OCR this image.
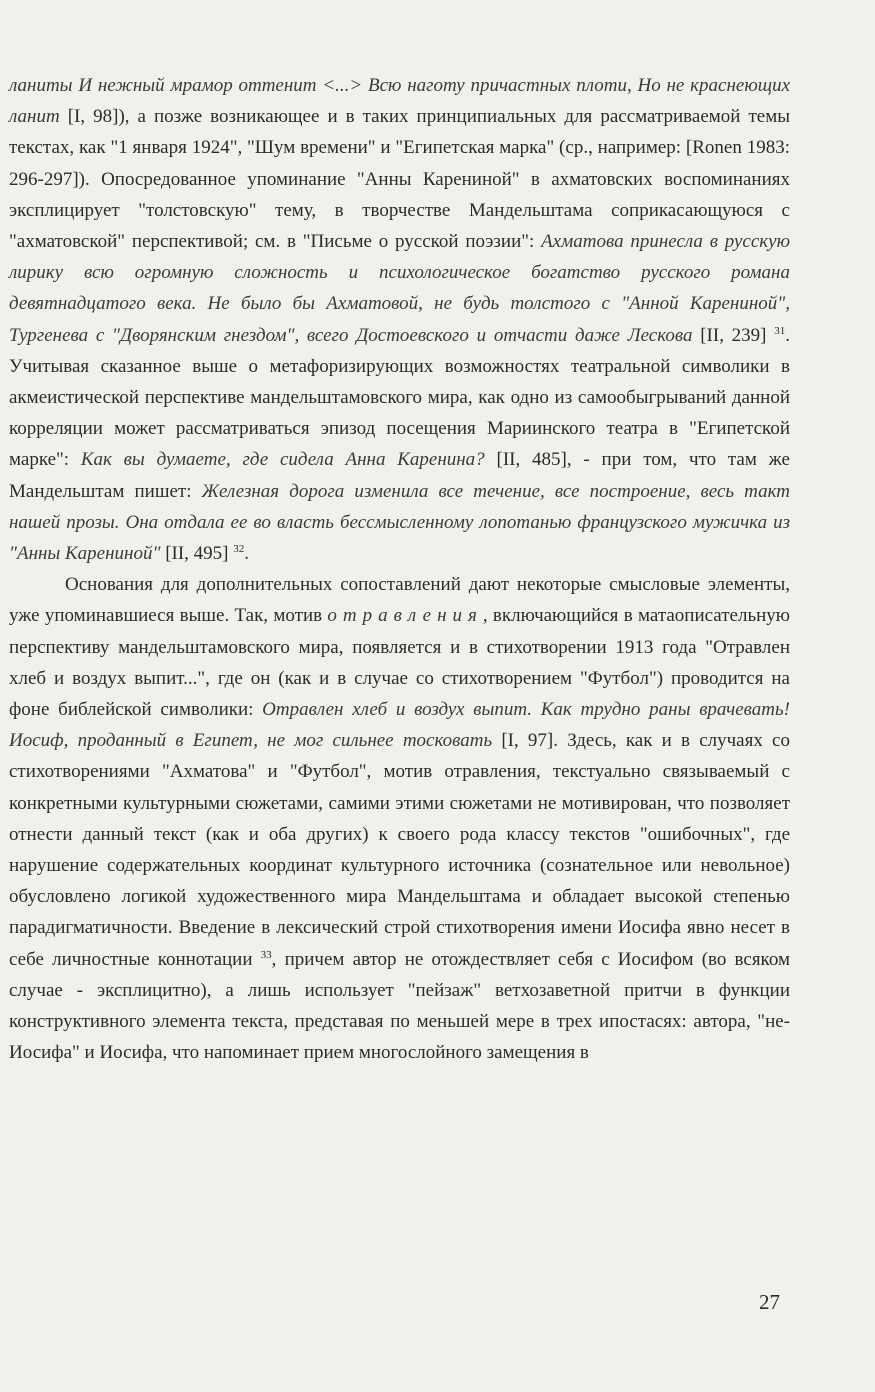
ланиты И нежный мрамор оттенит <...> Всю наготу причастных плоти, Но не краснеющих ланит [I, 98]), а позже возникающее и в таких принципиальных для рассматриваемой темы текстах, как "1 января 1924", "Шум времени" и "Египетская марка" (ср., например: [Ronen 1983: 296-297]). Опосредованное упоминание "Анны Карениной" в ахматовских воспоминаниях эксплицирует "толстовскую" тему, в творчестве Мандельштама соприкасающуюся с "ахматовской" перспективой; см. в "Письме о русской поэзии": Ахматова принесла в русскую лирику всю огромную сложность и психологическое богатство русского романа девятнадцатого века. Не было бы Ахматовой, не будь толстого с "Анной Карениной", Тургенева с "Дворянским гнездом", всего Достоевского и отчасти даже Лескова [II, 239] $^{31}$. Учитывая сказанное выше о метафоризирующих возможностях театральной символики в акмеистической перспективе мандельштамовского мира, как одно из самообыгрываний данной корреляции может рассматриваться эпизод посещения Мариинского театра в "Египетской марке": Как вы думаете, где сидела Анна Каренина? [II, 485], - при том, что там же Мандельштам пишет: Железная дорога изменила все течение, все построение, весь такт нашей прозы. Она отдала ее во власть бессмысленному лопотанью французского мужичка из "Анны Карениной" [II, 495] $^{32}$.

Основания для дополнительных сопоставлений дают некоторые смысловые элементы, уже упоминавшиеся выше. Так, мотив отравления, включающийся в матаописательную перспективу мандельштамовского мира, появляется и в стихотворении 1913 года "Отравлен хлеб и воздух выпит...", где он (как и в случае со стихотворением "Футбол") проводится на фоне библейской символики: Отравлен хлеб и воздух выпит. Как трудно раны врачевать! Иосиф, проданный в Египет, не мог сильнее тосковать [I, 97]. Здесь, как и в случаях со стихотворениями "Ахматова" и "Футбол", мотив отравления, текстуально связываемый с конкретными культурными сюжетами, самими этими сюжетами не мотивирован, что позволяет отнести данный текст (как и оба других) к своего рода классу текстов "ошибочных", где нарушение содержательных координат культурного источника (сознательное или невольное) обусловлено логикой художественного мира Мандельштама и обладает высокой степенью парадигматичности. Введение в лексический строй стихотворения имени Иосифа явно несет в себе личностные коннотации $^{33}$, причем автор не отождествляет себя с Иосифом (во всяком случае - эксплицитно), а лишь использует "пейзаж" ветхозаветной притчи в функции конструктивного элемента текста, представая по меньшей мере в трех ипостасях: автора, "не-Иосифа" и Иосифа, что напоминает прием многослойного замещения в

27
